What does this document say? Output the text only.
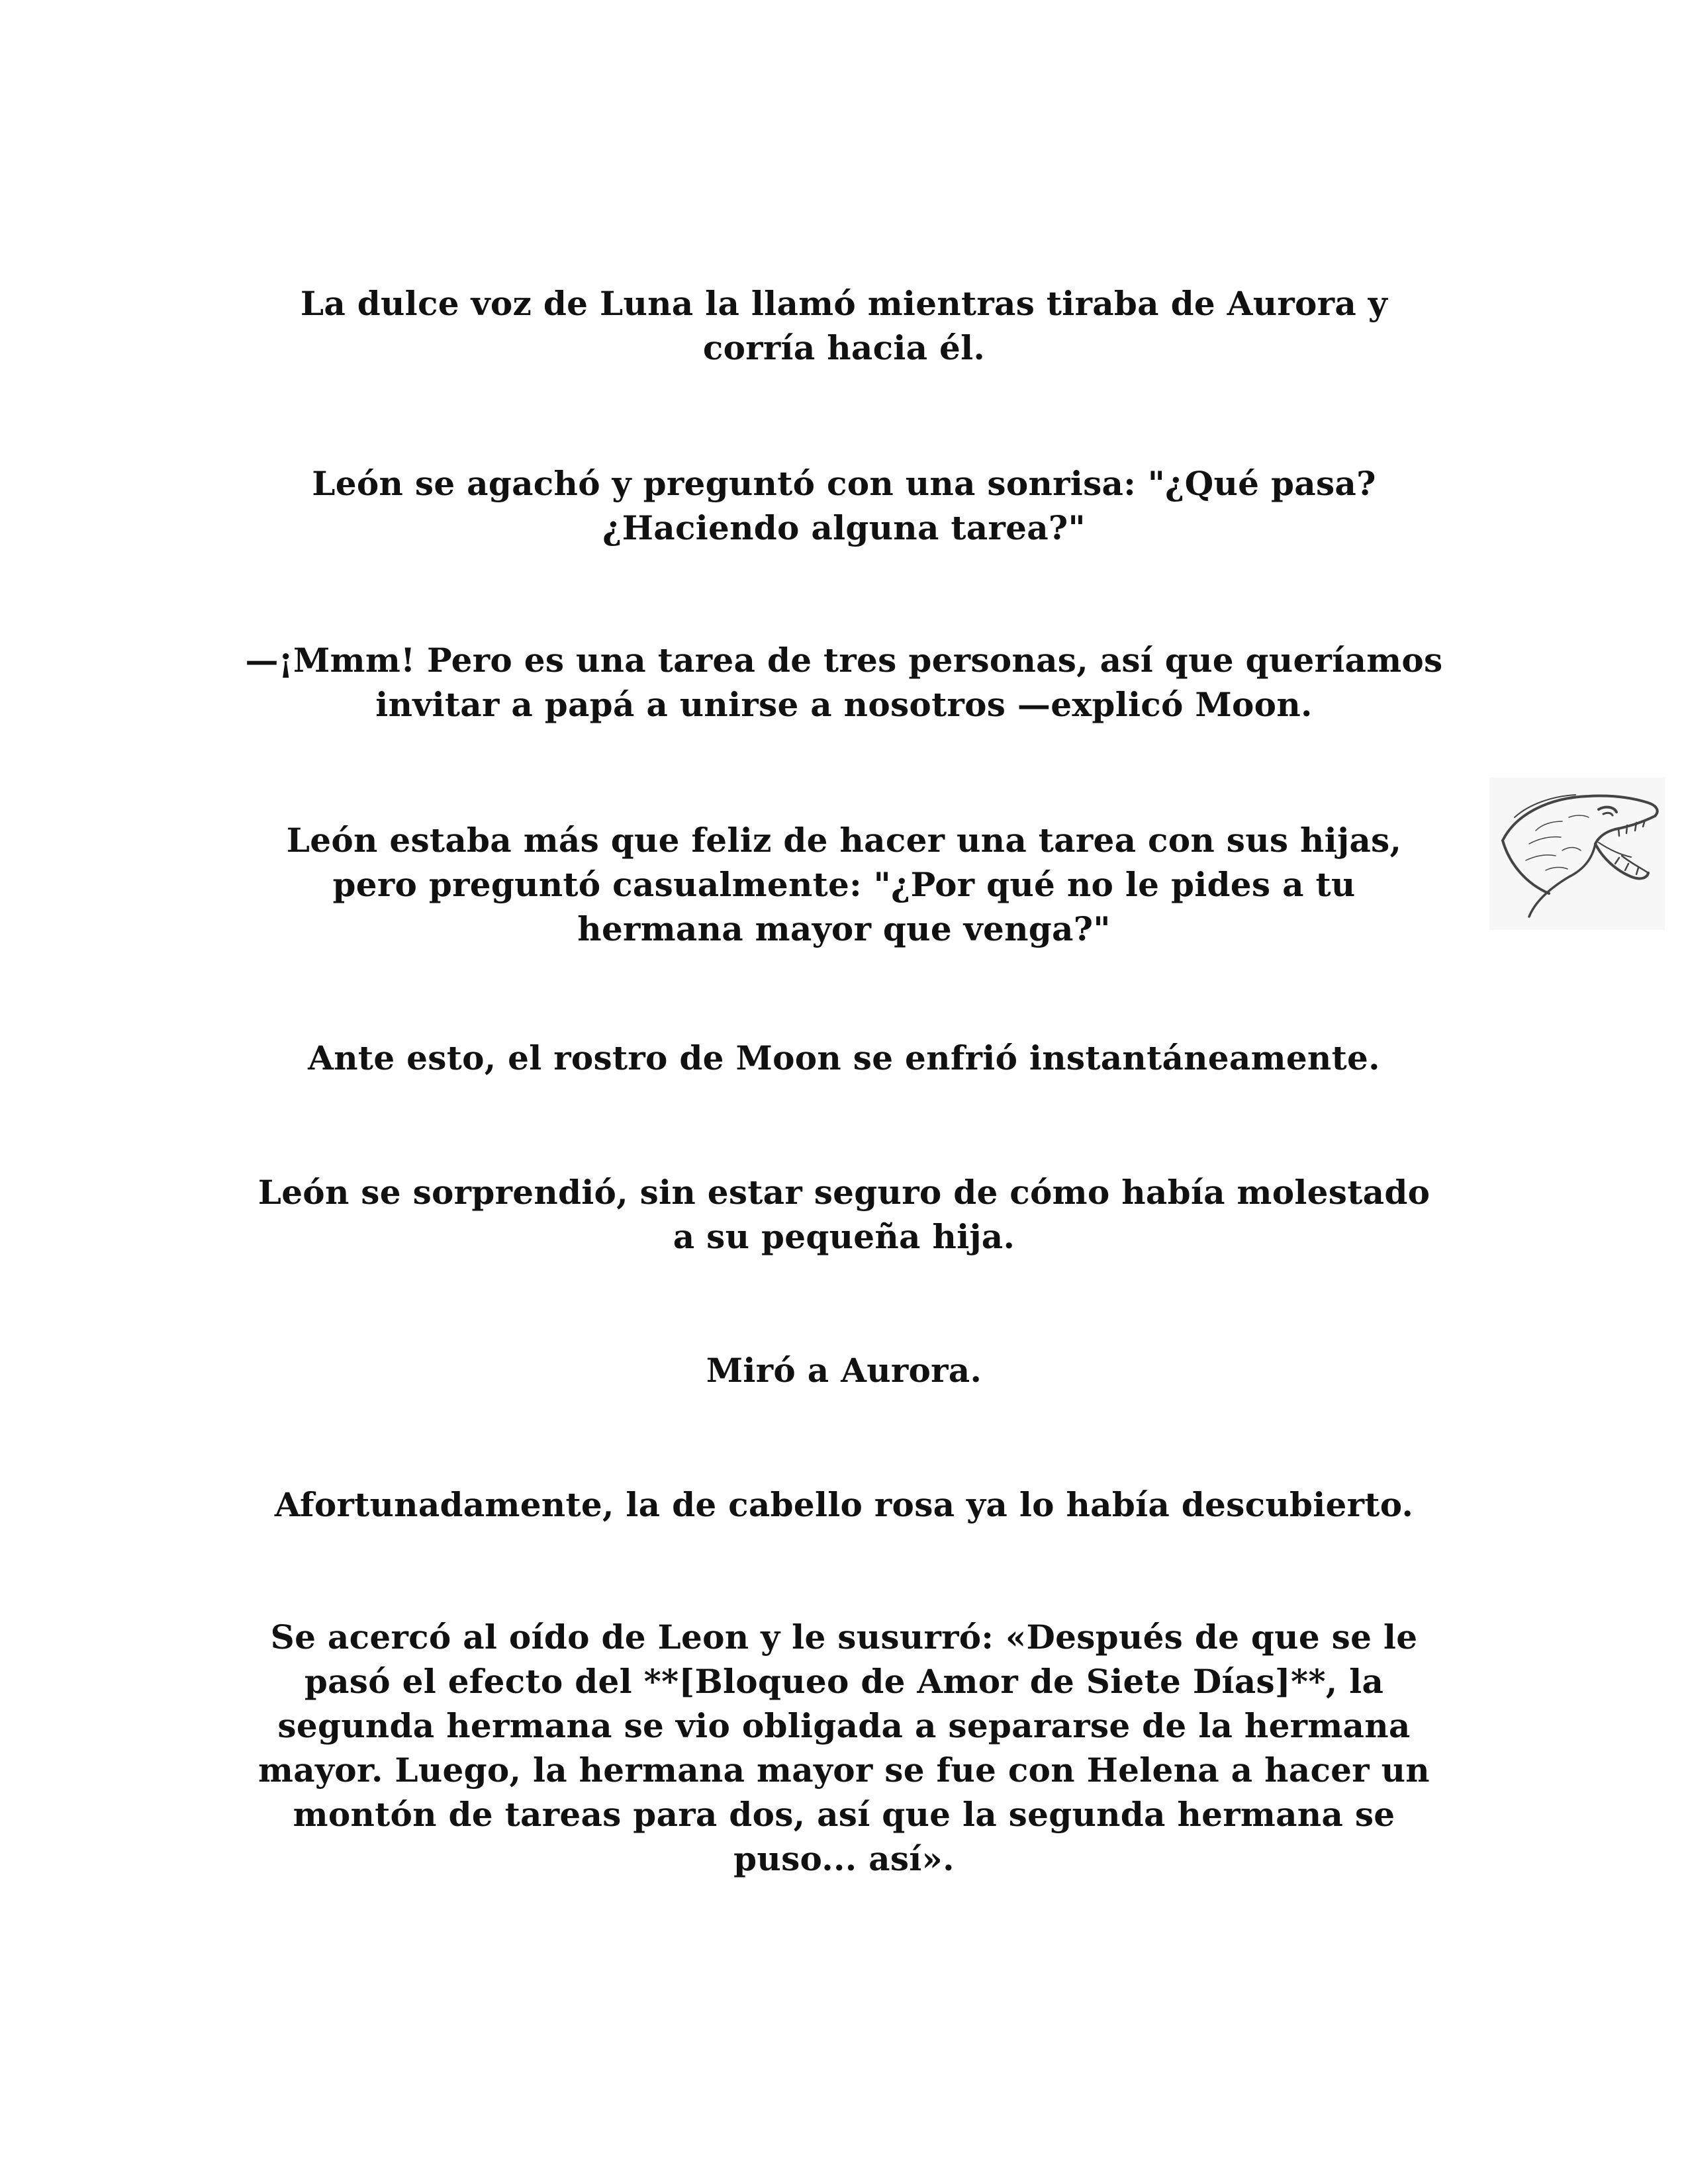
La dulce voz de Luna la llamó mientras tiraba de Aurora y
corría hacia él.

León se agachó y preguntó con una sonrisa: "¿Qué pasa?
¿Haciendo alguna tarea?"

—¡Mmm! Pero es una tarea de tres personas, así que queríamos
invitar a papá a unirse a nosotros —explicó Moon.

León estaba más que feliz de hacer una tarea con sus hijas,
pero preguntó casualmente: "¿Por qué no le pides a tu
hermana mayor que venga?"

Ante esto, el rostro de Moon se enfrió instantáneamente.

León se sorprendió, sin estar seguro de cómo había molestado
a su pequeña hija.

Miró a Aurora.

Afortunadamente, la de cabello rosa ya lo había descubierto.

Se acercó al oído de Leon y le susurró: «Después de que se le
pasó el efecto del **[Bloqueo de Amor de Siete Días]**, la
segunda hermana se vio obligada a separarse de la hermana
mayor. Luego, la hermana mayor se fue con Helena a hacer un
montón de tareas para dos, así que la segunda hermana se
puso... así».
